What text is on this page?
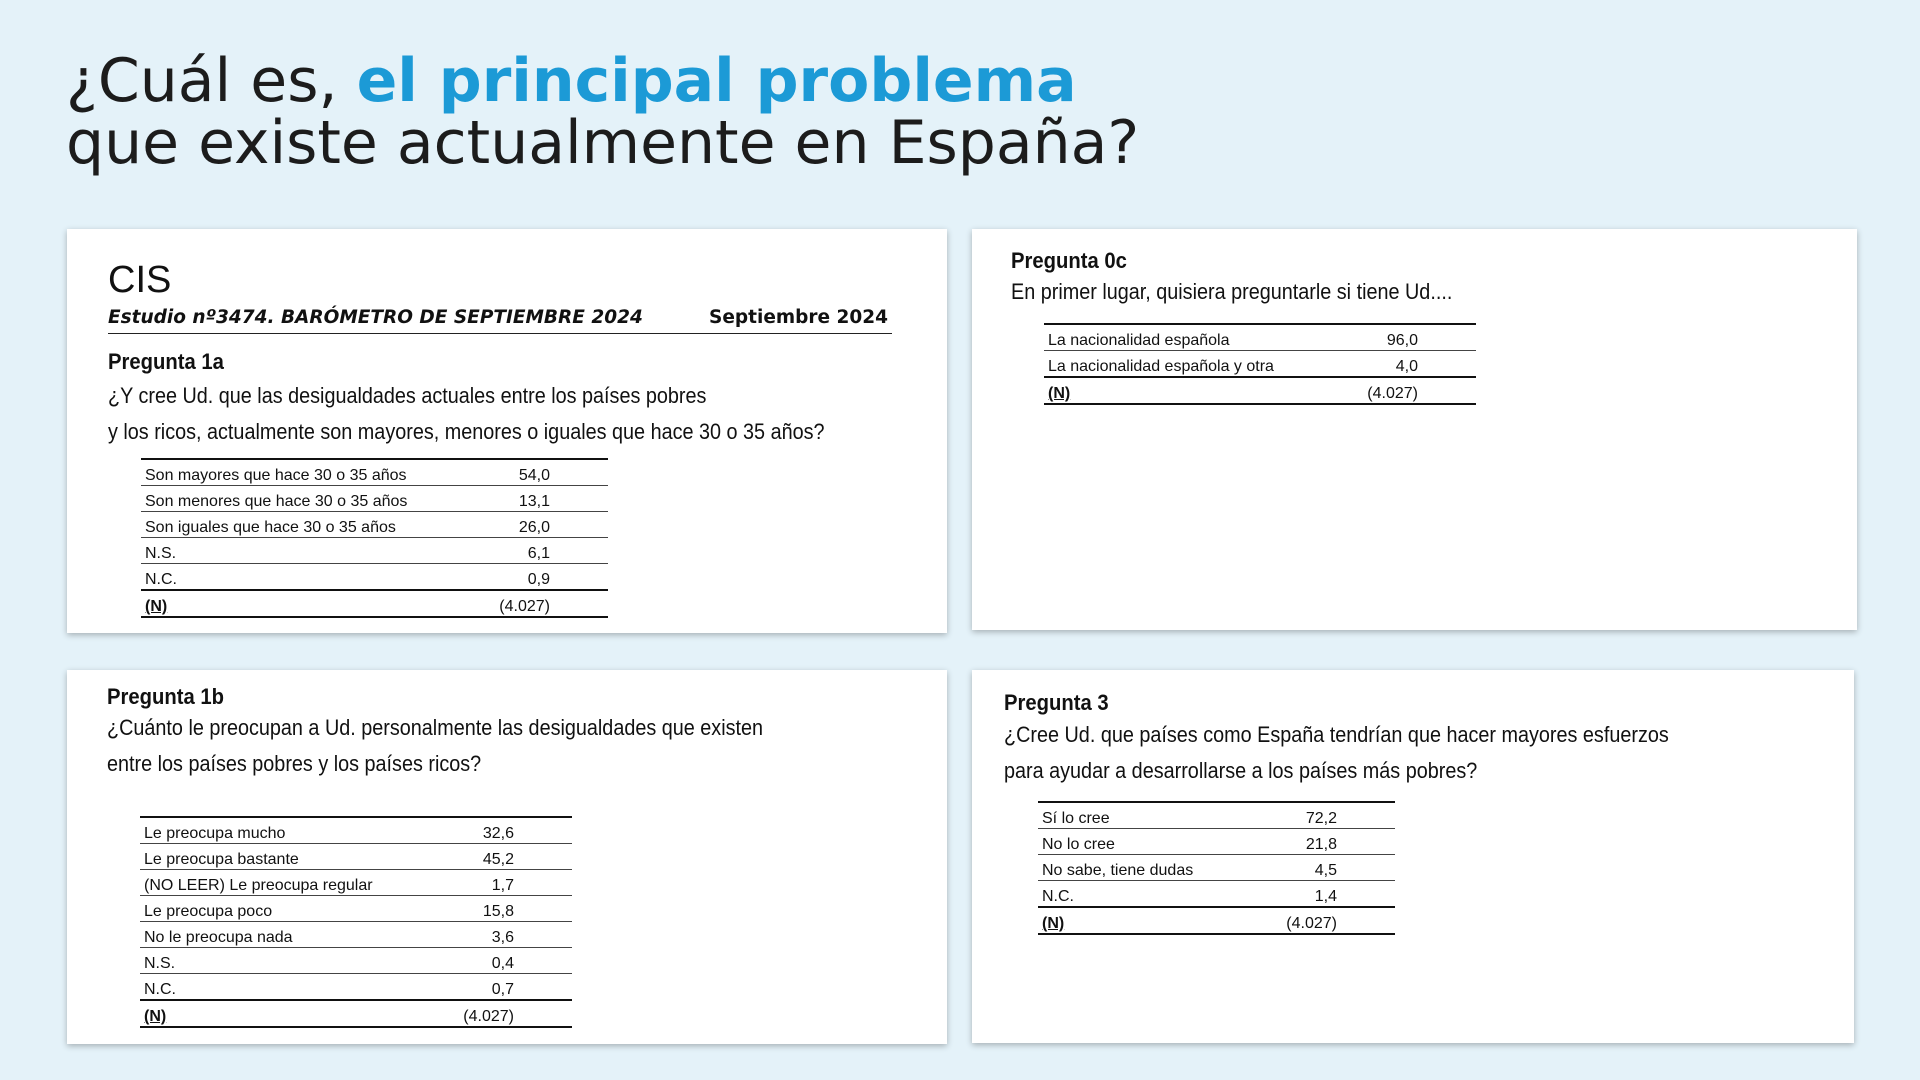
¿Cuál es, el principal problema
que existe actualmente en España?
CIS
Estudio nº3474. BARÓMETRO DE SEPTIEMBRE 2024	Septiembre 2024
Pregunta 1a
¿Y cree Ud. que las desigualdades actuales entre los países pobres
y los ricos, actualmente son mayores, menores o iguales que hace 30 o 35 años?
Son mayores que hace 30 o 35 años	54,0
Son menores que hace 30 o 35 años	13,1
Son iguales que hace 30 o 35 años	26,0
N.S.	6,1
N.C.	0,9
(N)	(4.027)
Pregunta 0c
En primer lugar, quisiera preguntarle si tiene Ud....
La nacionalidad española	96,0
La nacionalidad española y otra	4,0
(N)	(4.027)
Pregunta 1b
¿Cuánto le preocupan a Ud. personalmente las desigualdades que existen
entre los países pobres y los países ricos?
Le preocupa mucho	32,6
Le preocupa bastante	45,2
(NO LEER) Le preocupa regular	1,7
Le preocupa poco	15,8
No le preocupa nada	3,6
N.S.	0,4
N.C.	0,7
(N)	(4.027)
Pregunta 3
¿Cree Ud. que países como España tendrían que hacer mayores esfuerzos
para ayudar a desarrollarse a los países más pobres?
Sí lo cree	72,2
No lo cree	21,8
No sabe, tiene dudas	4,5
N.C.	1,4
(N)	(4.027)
